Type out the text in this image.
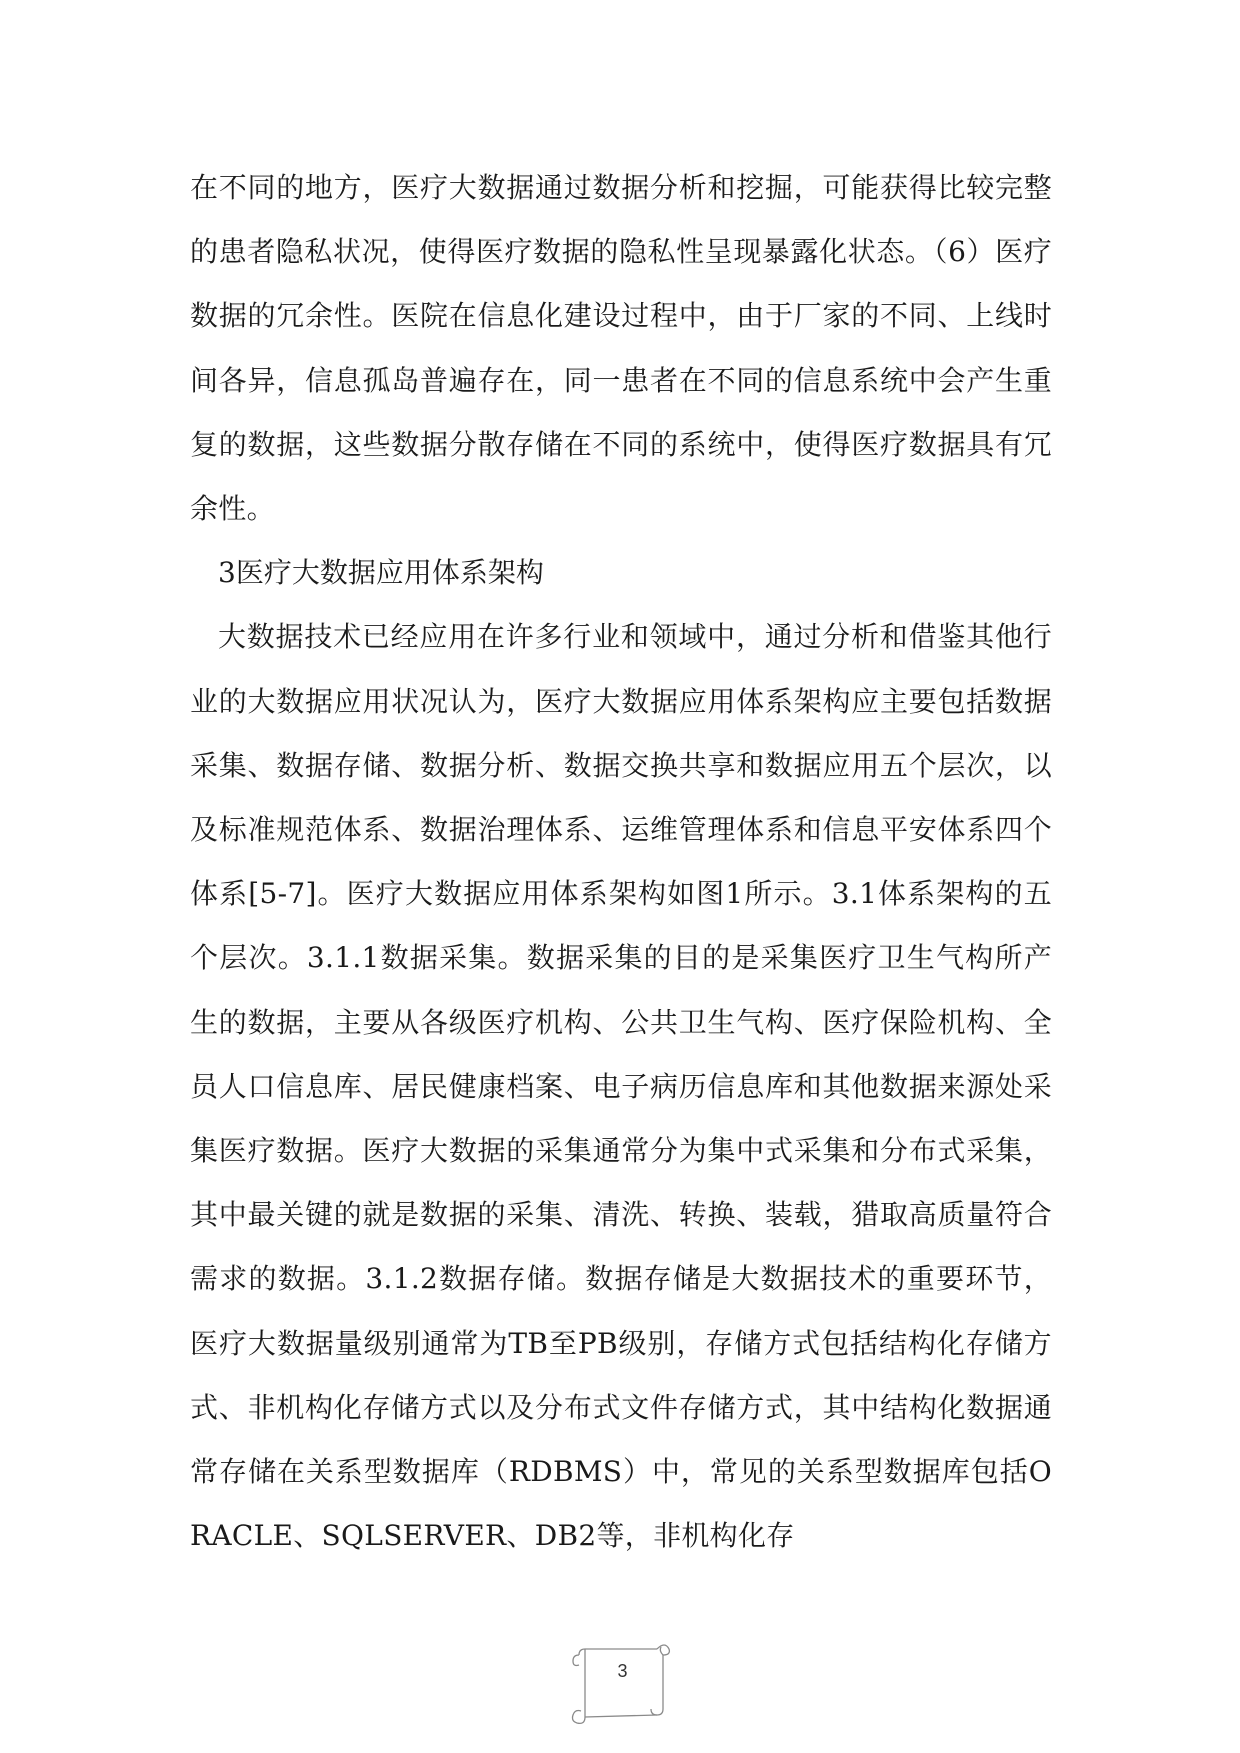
在不同的地方，医疗大数据通过数据分析和挖掘，可能获得比较完整的患者隐私状况，使得医疗数据的隐私性呈现暴露化状态。（6）医疗数据的冗余性。医院在信息化建设过程中，由于厂家的不同、上线时间各异，信息孤岛普遍存在，同一患者在不同的信息系统中会产生重复的数据，这些数据分散存储在不同的系统中，使得医疗数据具有冗余性。

3医疗大数据应用体系架构

大数据技术已经应用在许多行业和领域中，通过分析和借鉴其他行业的大数据应用状况认为，医疗大数据应用体系架构应主要包括数据采集、数据存储、数据分析、数据交换共享和数据应用五个层次，以及标准规范体系、数据治理体系、运维管理体系和信息平安体系四个体系[5-7]。医疗大数据应用体系架构如图1所示。3.1体系架构的五个层次。3.1.1数据采集。数据采集的目的是采集医疗卫生气构所产生的数据，主要从各级医疗机构、公共卫生气构、医疗保险机构、全员人口信息库、居民健康档案、电子病历信息库和其他数据来源处采集医疗数据。医疗大数据的采集通常分为集中式采集和分布式采集，其中最关键的就是数据的采集、清洗、转换、装载，猎取高质量符合需求的数据。3.1.2数据存储。数据存储是大数据技术的重要环节，医疗大数据量级别通常为TB至PB级别，存储方式包括结构化存储方式、非机构化存储方式以及分布式文件存储方式，其中结构化数据通常存储在关系型数据库（RDBMS）中，常见的关系型数据库包括ORACLE、SQLSERVER、DB2等，非机构化存

3
